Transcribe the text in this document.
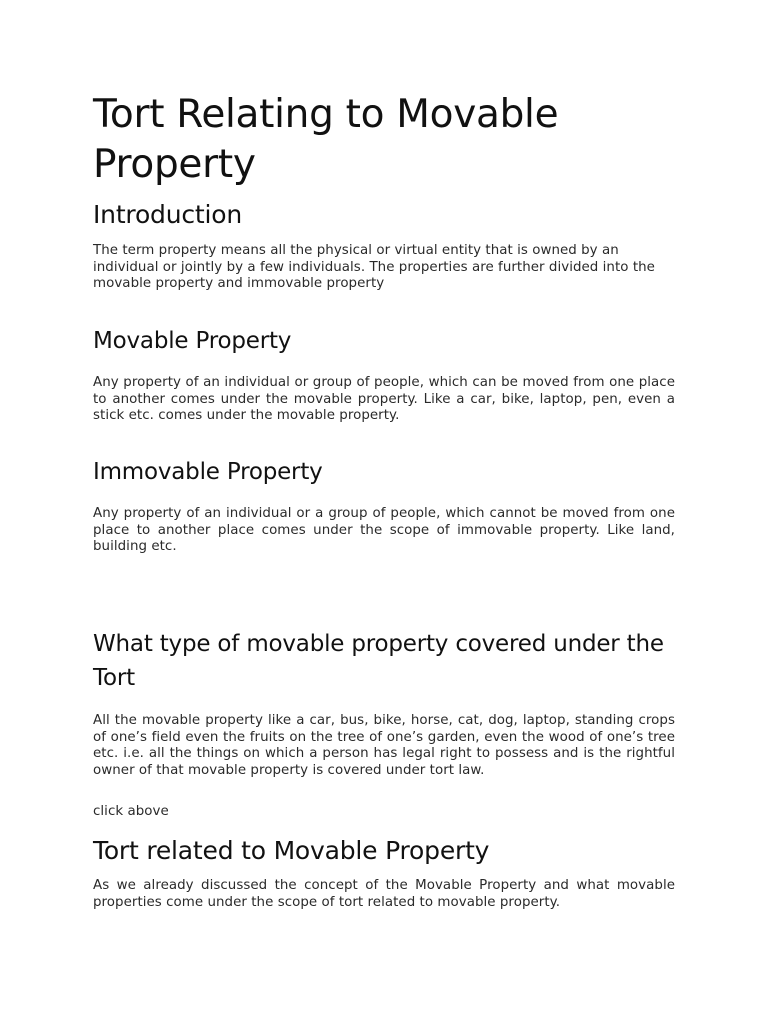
Tort Relating to Movable Property
Introduction

The term property means all the physical or virtual entity that is owned by an individual or jointly by a few individuals. The properties are further divided into the movable property and immovable property

Movable Property

Any property of an individual or group of people, which can be moved from one place to another comes under the movable property. Like a car, bike, laptop, pen, even a stick etc. comes under the movable property.

Immovable Property

Any property of an individual or a group of people, which cannot be moved from one place to another place comes under the scope of immovable property. Like land, building etc.

What type of movable property covered under the Tort

All the movable property like a car, bus, bike, horse, cat, dog, laptop, standing crops of one’s field even the fruits on the tree of one’s garden, even the wood of one’s tree etc. i.e. all the things on which a person has legal right to possess and is the rightful owner of that movable property is covered under tort law.

click above

Tort related to Movable Property

As we already discussed the concept of the Movable Property and what movable properties come under the scope of tort related to movable property.
